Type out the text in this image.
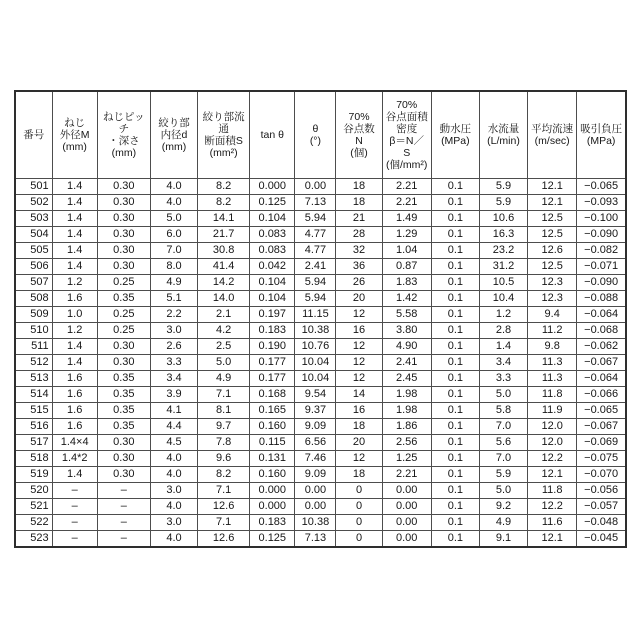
番号	ねじ
外径M
(mm)	ねじピッチ
・深さ
(mm)	絞り部
内径d
(mm)	絞り部流通
断面積S
(mm²)	tan θ	θ
(°)	70%
谷点数
N
(個)	70%
谷点面積
密度
β＝N／
S
(個/mm²)	動水圧
(MPa)	水流量
(L/min)	平均流速
(m/sec)	吸引負圧
(MPa)
501	1.4	0.30	4.0	8.2	0.000	0.00	18	2.21	0.1	5.9	12.1	−0.065
502	1.4	0.30	4.0	8.2	0.125	7.13	18	2.21	0.1	5.9	12.1	−0.093
503	1.4	0.30	5.0	14.1	0.104	5.94	21	1.49	0.1	10.6	12.5	−0.100
504	1.4	0.30	6.0	21.7	0.083	4.77	28	1.29	0.1	16.3	12.5	−0.090
505	1.4	0.30	7.0	30.8	0.083	4.77	32	1.04	0.1	23.2	12.6	−0.082
506	1.4	0.30	8.0	41.4	0.042	2.41	36	0.87	0.1	31.2	12.5	−0.071
507	1.2	0.25	4.9	14.2	0.104	5.94	26	1.83	0.1	10.5	12.3	−0.090
508	1.6	0.35	5.1	14.0	0.104	5.94	20	1.42	0.1	10.4	12.3	−0.088
509	1.0	0.25	2.2	2.1	0.197	11.15	12	5.58	0.1	1.2	9.4	−0.064
510	1.2	0.25	3.0	4.2	0.183	10.38	16	3.80	0.1	2.8	11.2	−0.068
511	1.4	0.30	2.6	2.5	0.190	10.76	12	4.90	0.1	1.4	9.8	−0.062
512	1.4	0.30	3.3	5.0	0.177	10.04	12	2.41	0.1	3.4	11.3	−0.067
513	1.6	0.35	3.4	4.9	0.177	10.04	12	2.45	0.1	3.3	11.3	−0.064
514	1.6	0.35	3.9	7.1	0.168	9.54	14	1.98	0.1	5.0	11.8	−0.066
515	1.6	0.35	4.1	8.1	0.165	9.37	16	1.98	0.1	5.8	11.9	−0.065
516	1.6	0.35	4.4	9.7	0.160	9.09	18	1.86	0.1	7.0	12.0	−0.067
517	1.4×4	0.30	4.5	7.8	0.115	6.56	20	2.56	0.1	5.6	12.0	−0.069
518	1.4*2	0.30	4.0	9.6	0.131	7.46	12	1.25	0.1	7.0	12.2	−0.075
519	1.4	0.30	4.0	8.2	0.160	9.09	18	2.21	0.1	5.9	12.1	−0.070
520	–	–	3.0	7.1	0.000	0.00	0	0.00	0.1	5.0	11.8	−0.056
521	–	–	4.0	12.6	0.000	0.00	0	0.00	0.1	9.2	12.2	−0.057
522	–	–	3.0	7.1	0.183	10.38	0	0.00	0.1	4.9	11.6	−0.048
523	–	–	4.0	12.6	0.125	7.13	0	0.00	0.1	9.1	12.1	−0.045
